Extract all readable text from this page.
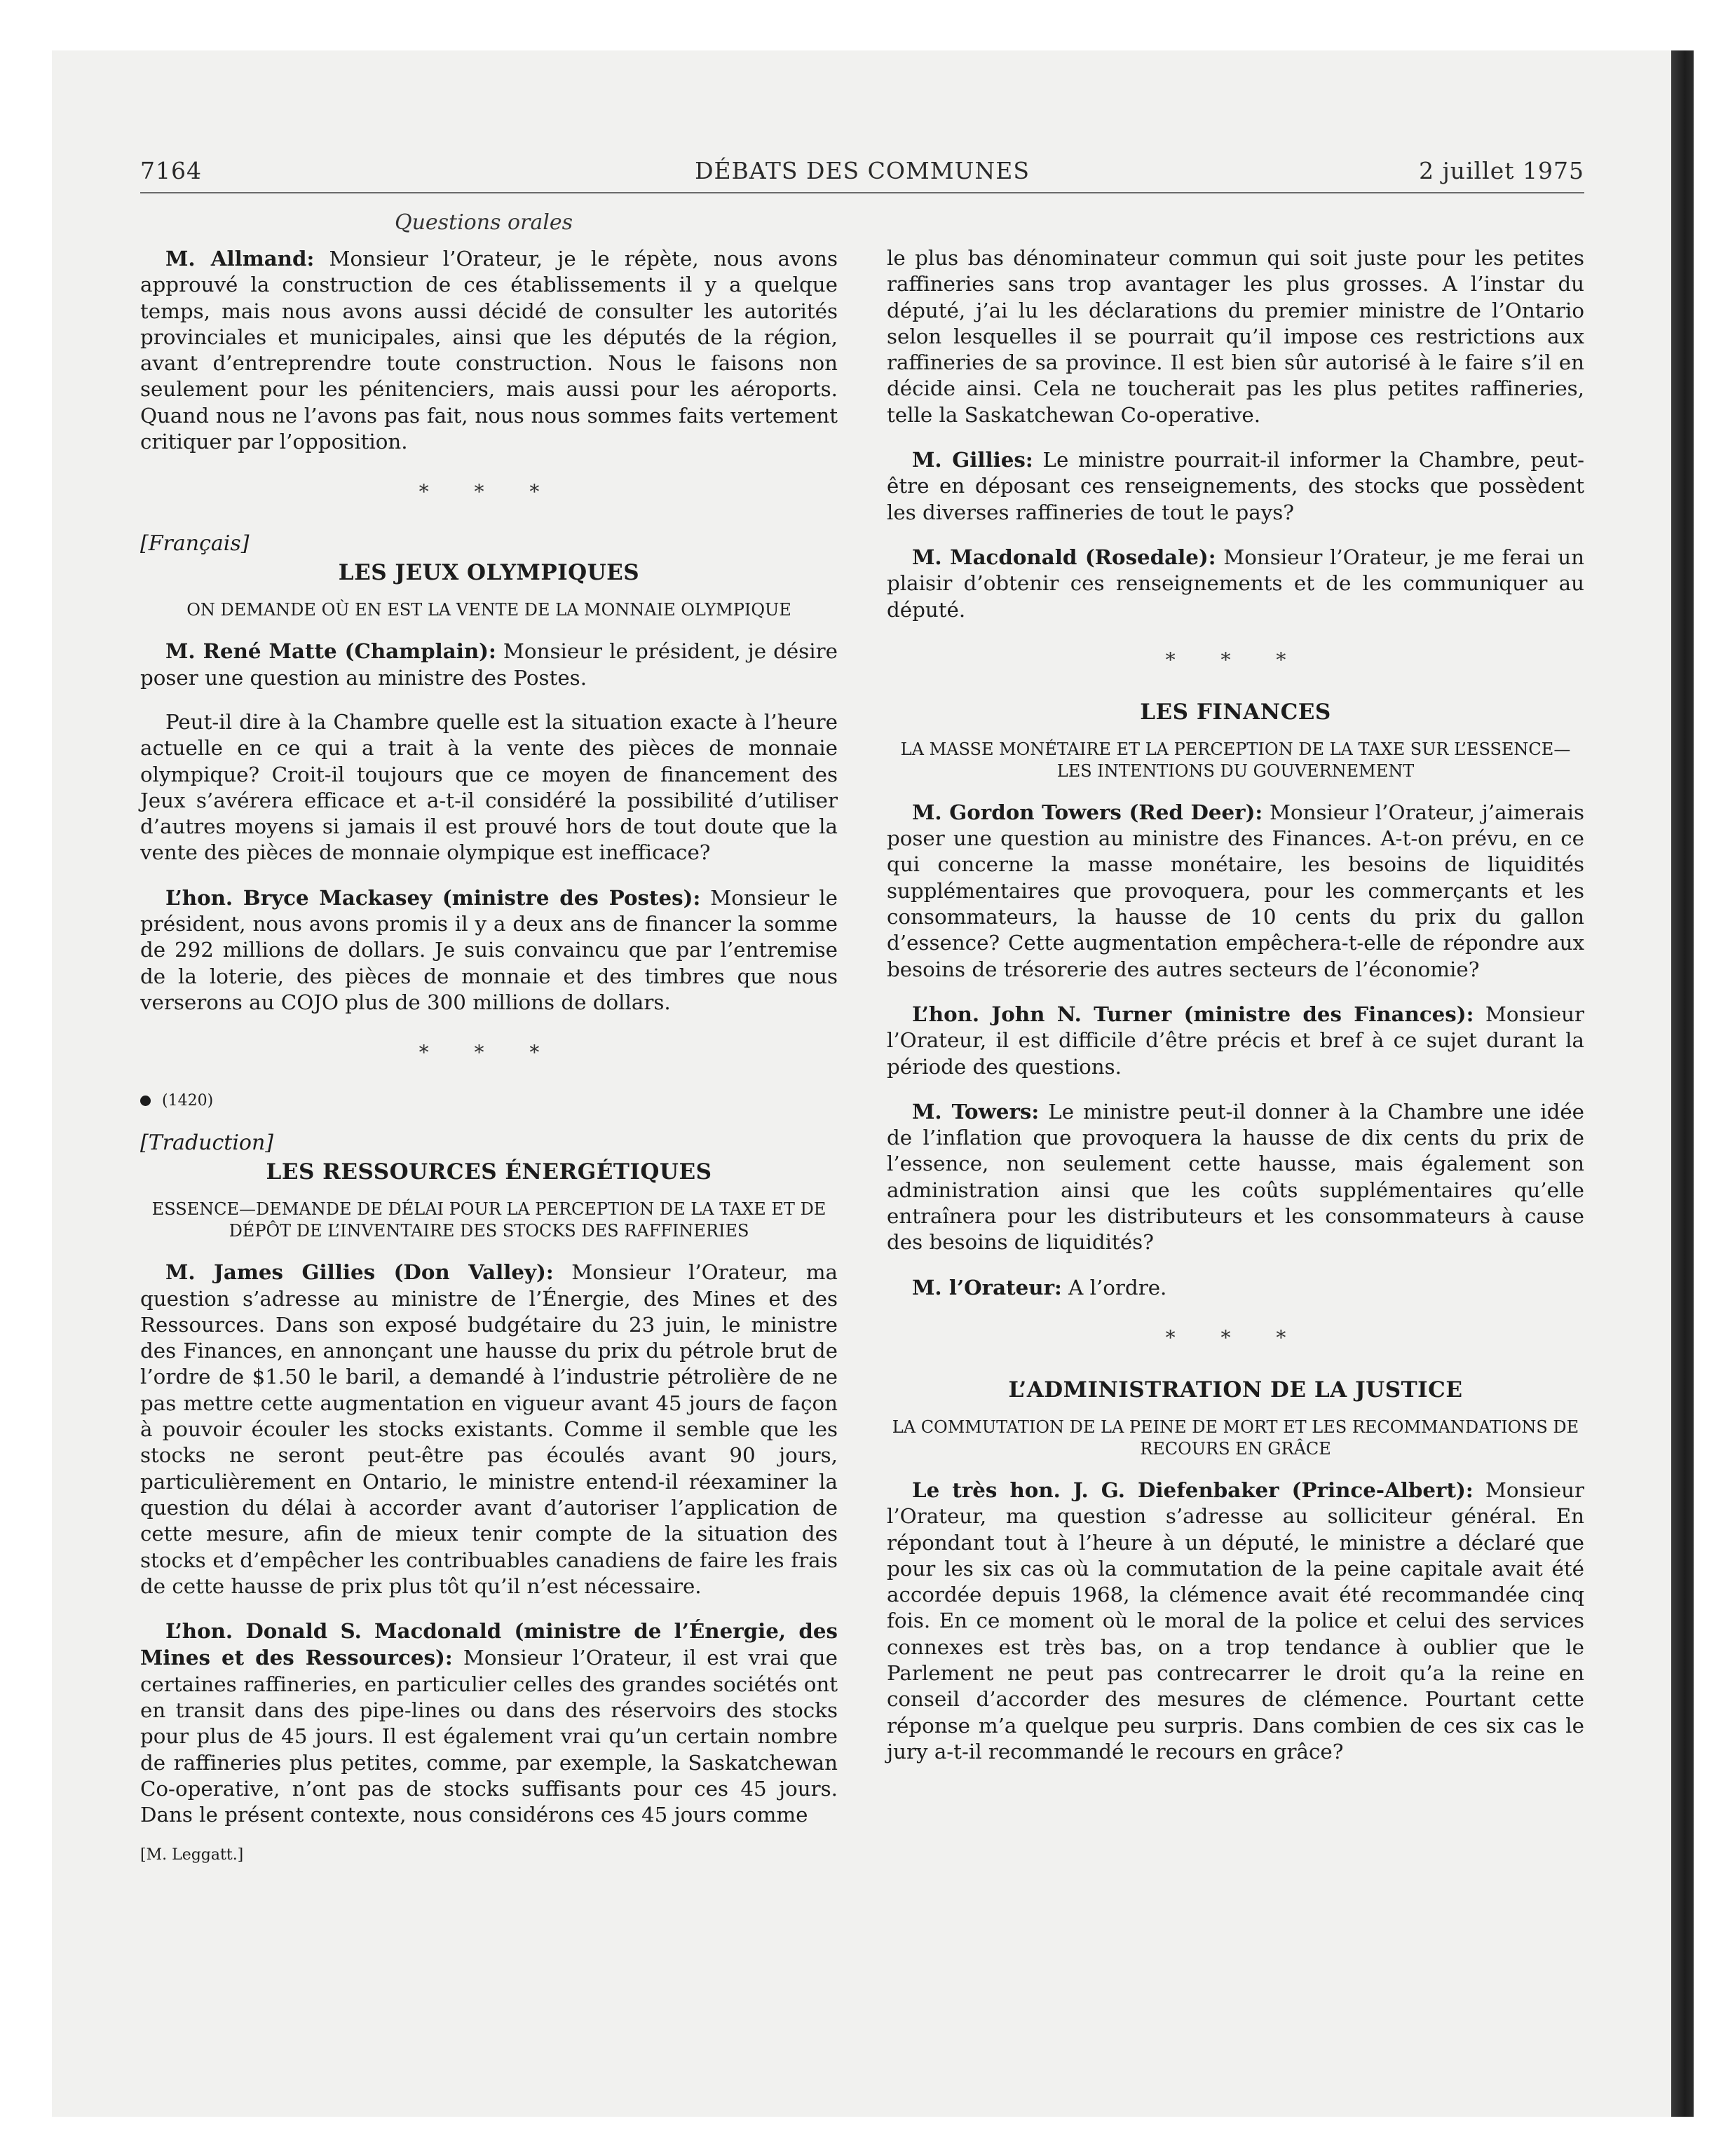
7164	DÉBATS DES COMMUNES	2 juillet 1975
Questions orales

M. Allmand: Monsieur l’Orateur, je le répète, nous avons approuvé la construction de ces établissements il y a quelque temps, mais nous avons aussi décidé de consulter les autorités provinciales et municipales, ainsi que les députés de la région, avant d’entreprendre toute construction. Nous le faisons non seulement pour les pénitenciers, mais aussi pour les aéroports. Quand nous ne l’avons pas fait, nous nous sommes faits vertement critiquer par l’opposition.

* * *
[Français]
LES JEUX OLYMPIQUES
ON DEMANDE OÙ EN EST LA VENTE DE LA MONNAIE OLYMPIQUE

M. René Matte (Champlain): Monsieur le président, je désire poser une question au ministre des Postes.

Peut-il dire à la Chambre quelle est la situation exacte à l’heure actuelle en ce qui a trait à la vente des pièces de monnaie olympique? Croit-il toujours que ce moyen de financement des Jeux s’avérera efficace et a-t-il considéré la possibilité d’utiliser d’autres moyens si jamais il est prouvé hors de tout doute que la vente des pièces de monnaie olympique est inefficace?

L’hon. Bryce Mackasey (ministre des Postes): Monsieur le président, nous avons promis il y a deux ans de financer la somme de 292 millions de dollars. Je suis convaincu que par l’entremise de la loterie, des pièces de monnaie et des timbres que nous verserons au COJO plus de 300 millions de dollars.

* * *
(1420)
[Traduction]
LES RESSOURCES ÉNERGÉTIQUES
ESSENCE—DEMANDE DE DÉLAI POUR LA PERCEPTION DE LA TAXE ET DE DÉPÔT DE L’INVENTAIRE DES STOCKS DES RAFFINERIES

M. James Gillies (Don Valley): Monsieur l’Orateur, ma question s’adresse au ministre de l’Énergie, des Mines et des Ressources. Dans son exposé budgétaire du 23 juin, le ministre des Finances, en annonçant une hausse du prix du pétrole brut de l’ordre de $1.50 le baril, a demandé à l’industrie pétrolière de ne pas mettre cette augmentation en vigueur avant 45 jours de façon à pouvoir écouler les stocks existants. Comme il semble que les stocks ne seront peut-être pas écoulés avant 90 jours, particulièrement en Ontario, le ministre entend-il réexaminer la question du délai à accorder avant d’autoriser l’application de cette mesure, afin de mieux tenir compte de la situation des stocks et d’empêcher les contribuables canadiens de faire les frais de cette hausse de prix plus tôt qu’il n’est nécessaire.

L’hon. Donald S. Macdonald (ministre de l’Énergie, des Mines et des Ressources): Monsieur l’Orateur, il est vrai que certaines raffineries, en particulier celles des grandes sociétés ont en transit dans des pipe-lines ou dans des réservoirs des stocks pour plus de 45 jours. Il est également vrai qu’un certain nombre de raffineries plus petites, comme, par exemple, la Saskatchewan Co-operative, n’ont pas de stocks suffisants pour ces 45 jours. Dans le présent contexte, nous considérons ces 45 jours comme

[M. Leggatt.]

le plus bas dénominateur commun qui soit juste pour les petites raffineries sans trop avantager les plus grosses. A l’instar du député, j’ai lu les déclarations du premier ministre de l’Ontario selon lesquelles il se pourrait qu’il impose ces restrictions aux raffineries de sa province. Il est bien sûr autorisé à le faire s’il en décide ainsi. Cela ne toucherait pas les plus petites raffineries, telle la Saskatchewan Co-operative.

M. Gillies: Le ministre pourrait-il informer la Chambre, peut-être en déposant ces renseignements, des stocks que possèdent les diverses raffineries de tout le pays?

M. Macdonald (Rosedale): Monsieur l’Orateur, je me ferai un plaisir d’obtenir ces renseignements et de les communiquer au député.

* * *
LES FINANCES
LA MASSE MONÉTAIRE ET LA PERCEPTION DE LA TAXE SUR L’ESSENCE—LES INTENTIONS DU GOUVERNEMENT

M. Gordon Towers (Red Deer): Monsieur l’Orateur, j’aimerais poser une question au ministre des Finances. A-t-on prévu, en ce qui concerne la masse monétaire, les besoins de liquidités supplémentaires que provoquera, pour les commerçants et les consommateurs, la hausse de 10 cents du prix du gallon d’essence? Cette augmentation empêchera-t-elle de répondre aux besoins de trésorerie des autres secteurs de l’économie?

L’hon. John N. Turner (ministre des Finances): Monsieur l’Orateur, il est difficile d’être précis et bref à ce sujet durant la période des questions.

M. Towers: Le ministre peut-il donner à la Chambre une idée de l’inflation que provoquera la hausse de dix cents du prix de l’essence, non seulement cette hausse, mais également son administration ainsi que les coûts supplémentaires qu’elle entraînera pour les distributeurs et les consommateurs à cause des besoins de liquidités?

M. l’Orateur: A l’ordre.

* * *
L’ADMINISTRATION DE LA JUSTICE
LA COMMUTATION DE LA PEINE DE MORT ET LES RECOMMANDATIONS DE RECOURS EN GRÂCE

Le très hon. J. G. Diefenbaker (Prince-Albert): Monsieur l’Orateur, ma question s’adresse au solliciteur général. En répondant tout à l’heure à un député, le ministre a déclaré que pour les six cas où la commutation de la peine capitale avait été accordée depuis 1968, la clémence avait été recommandée cinq fois. En ce moment où le moral de la police et celui des services connexes est très bas, on a trop tendance à oublier que le Parlement ne peut pas contrecarrer le droit qu’a la reine en conseil d’accorder des mesures de clémence. Pourtant cette réponse m’a quelque peu surpris. Dans combien de ces six cas le jury a-t-il recommandé le recours en grâce?
